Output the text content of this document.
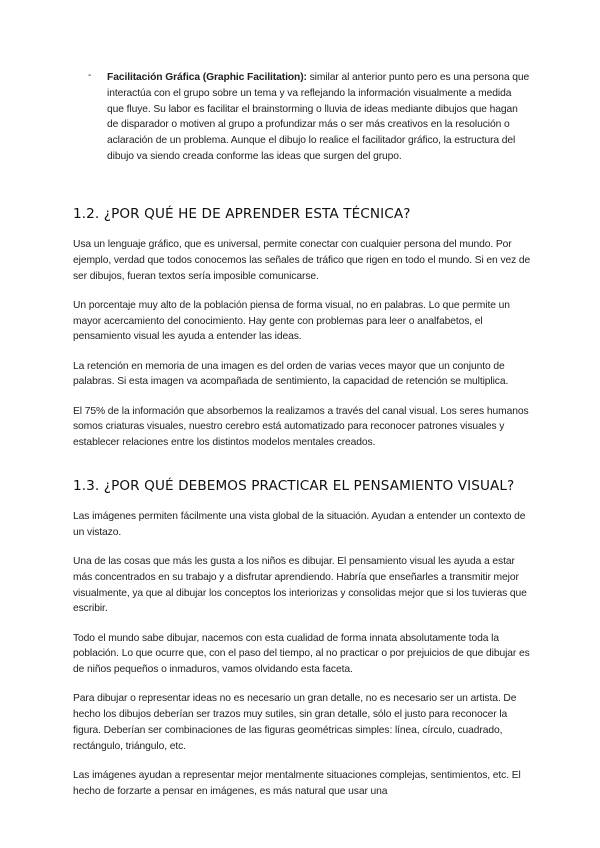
- Facilitación Gráfica (Graphic Facilitation): similar al anterior punto pero es una persona que interactúa con el grupo sobre un tema y va reflejando la información visualmente a medida que fluye. Su labor es facilitar el brainstorming o lluvia de ideas mediante dibujos que hagan de disparador o motiven al grupo a profundizar más o ser más creativos en la resolución o aclaración de un problema. Aunque el dibujo lo realice el facilitador gráfico, la estructura del dibujo va siendo creada conforme las ideas que surgen del grupo.
1.2. ¿POR QUÉ HE DE APRENDER ESTA TÉCNICA?

Usa un lenguaje gráfico, que es universal, permite conectar con cualquier persona del mundo. Por ejemplo, verdad que todos conocemos las señales de tráfico que rigen en todo el mundo. Si en vez de ser dibujos, fueran textos sería imposible comunicarse.

Un porcentaje muy alto de la población piensa de forma visual, no en palabras. Lo que permite un mayor acercamiento del conocimiento. Hay gente con problemas para leer o analfabetos, el pensamiento visual les ayuda a entender las ideas.

La retención en memoria de una imagen es del orden de varias veces mayor que un conjunto de palabras. Si esta imagen va acompañada de sentimiento, la capacidad de retención se multiplica.

El 75% de la información que absorbemos la realizamos a través del canal visual. Los seres humanos somos criaturas visuales, nuestro cerebro está automatizado para reconocer patrones visuales y establecer relaciones entre los distintos modelos mentales creados.

1.3. ¿POR QUÉ DEBEMOS PRACTICAR EL PENSAMIENTO VISUAL?

Las imágenes permiten fácilmente una vista global de la situación. Ayudan a entender un contexto de un vistazo.

Una de las cosas que más les gusta a los niños es dibujar. El pensamiento visual les ayuda a estar más concentrados en su trabajo y a disfrutar aprendiendo. Habría que enseñarles a transmitir mejor visualmente, ya que al dibujar los conceptos los interiorizas y consolidas mejor que si los tuvieras que escribir.

Todo el mundo sabe dibujar, nacemos con esta cualidad de forma innata absolutamente toda la población. Lo que ocurre que, con el paso del tiempo, al no practicar o por prejuicios de que dibujar es de niños pequeños o inmaduros, vamos olvidando esta faceta.

Para dibujar o representar ideas no es necesario un gran detalle, no es necesario ser un artista. De hecho los dibujos deberían ser trazos muy sutiles, sin gran detalle, sólo el justo para reconocer la figura. Deberían ser combinaciones de las figuras geométricas simples: línea, círculo, cuadrado, rectángulo, triángulo, etc.

Las imágenes ayudan a representar mejor mentalmente situaciones complejas, sentimientos, etc. El hecho de forzarte a pensar en imágenes, es más natural que usar una
